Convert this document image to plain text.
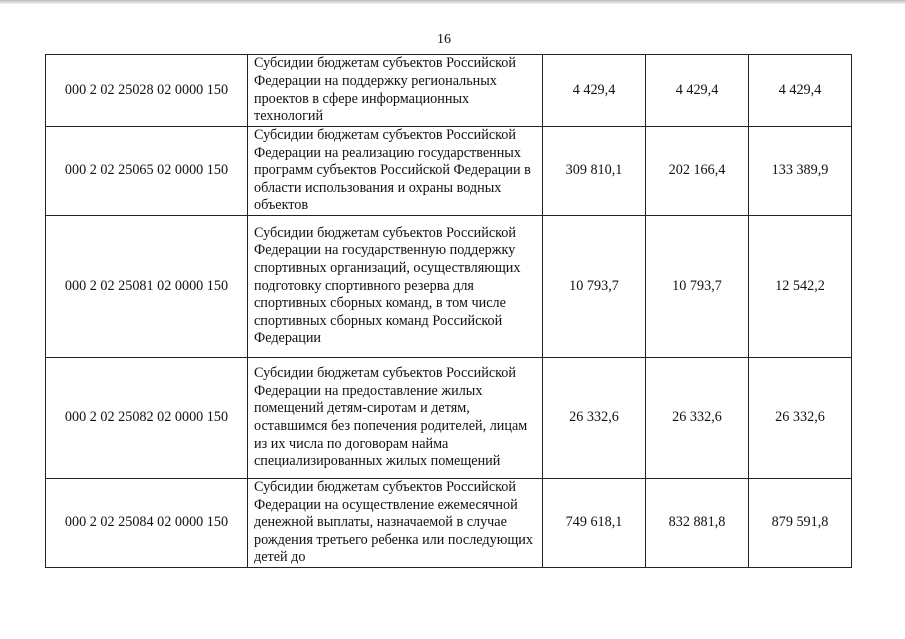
16
000 2 02 25028 02 0000 150	Субсидии бюджетам субъектов Российской Федерации на поддержку региональных проектов в сфере информационных технологий	4 429,4	4 429,4	4 429,4
000 2 02 25065 02 0000 150	Субсидии бюджетам субъектов Российской Федерации на реализацию государственных программ субъектов Российской Федерации в области использования и охраны водных объектов	309 810,1	202 166,4	133 389,9
000 2 02 25081 02 0000 150	Субсидии бюджетам субъектов Российской Федерации на государственную поддержку спортивных организаций, осуществляющих подготовку спортивного резерва для спортивных сборных команд, в том числе спортивных сборных команд Российской Федерации	10 793,7	10 793,7	12 542,2
000 2 02 25082 02 0000 150	Субсидии бюджетам субъектов Российской Федерации на предоставление жилых помещений детям-сиротам и детям, оставшимся без попечения родителей, лицам из их числа по договорам найма специализированных жилых помещений	26 332,6	26 332,6	26 332,6
000 2 02 25084 02 0000 150	Субсидии бюджетам субъектов Российской Федерации на осуществление ежемесячной денежной выплаты, назначаемой в случае рождения третьего ребенка или последующих детей до	749 618,1	832 881,8	879 591,8
